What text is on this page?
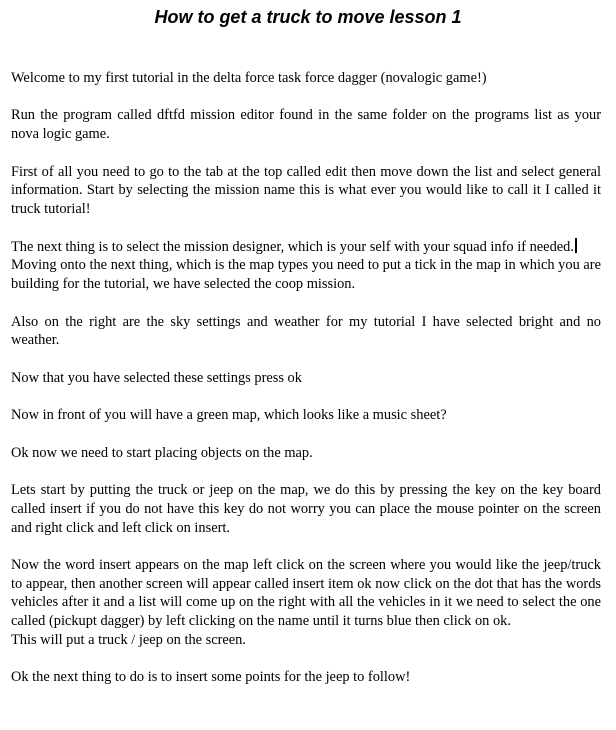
How to get a truck to move lesson 1

Welcome to my first tutorial in the delta force task force dagger (novalogic game!)

Run the program called dftfd mission editor found in the same folder on the programs list as your nova logic game.

First of all you need to go to the tab at the top called edit then move down the list and select general information. Start by selecting the mission name this is what ever you would like to call it I called it truck tutorial!

The next thing is to select the mission designer, which is your self with your squad info if needed.

Moving onto the next thing, which is the map types you need to put a tick in the map in which you are building for the tutorial, we have selected the coop mission.

Also on the right are the sky settings and weather for my tutorial I have selected bright and no weather.

Now that you have selected these settings press ok

Now in front of you will have a green map, which looks like a music sheet?

Ok now we need to start placing objects on the map.

Lets start by putting the truck or jeep on the map, we do this by pressing the key on the key board called insert if you do not have this key do not worry you can place the mouse pointer on the screen and right click and left click on insert.

Now the word insert appears on the map left click on the screen where you would like the jeep/truck to appear, then another screen will appear called insert item ok now click on the dot that has the words vehicles after it and a list will come up on the right with all the vehicles in it we need to select the one called (pickupt dagger) by left clicking on the name until it turns blue then click on ok.

This will put a truck / jeep on the screen.

Ok the next thing to do is to insert some points for the jeep to follow!
